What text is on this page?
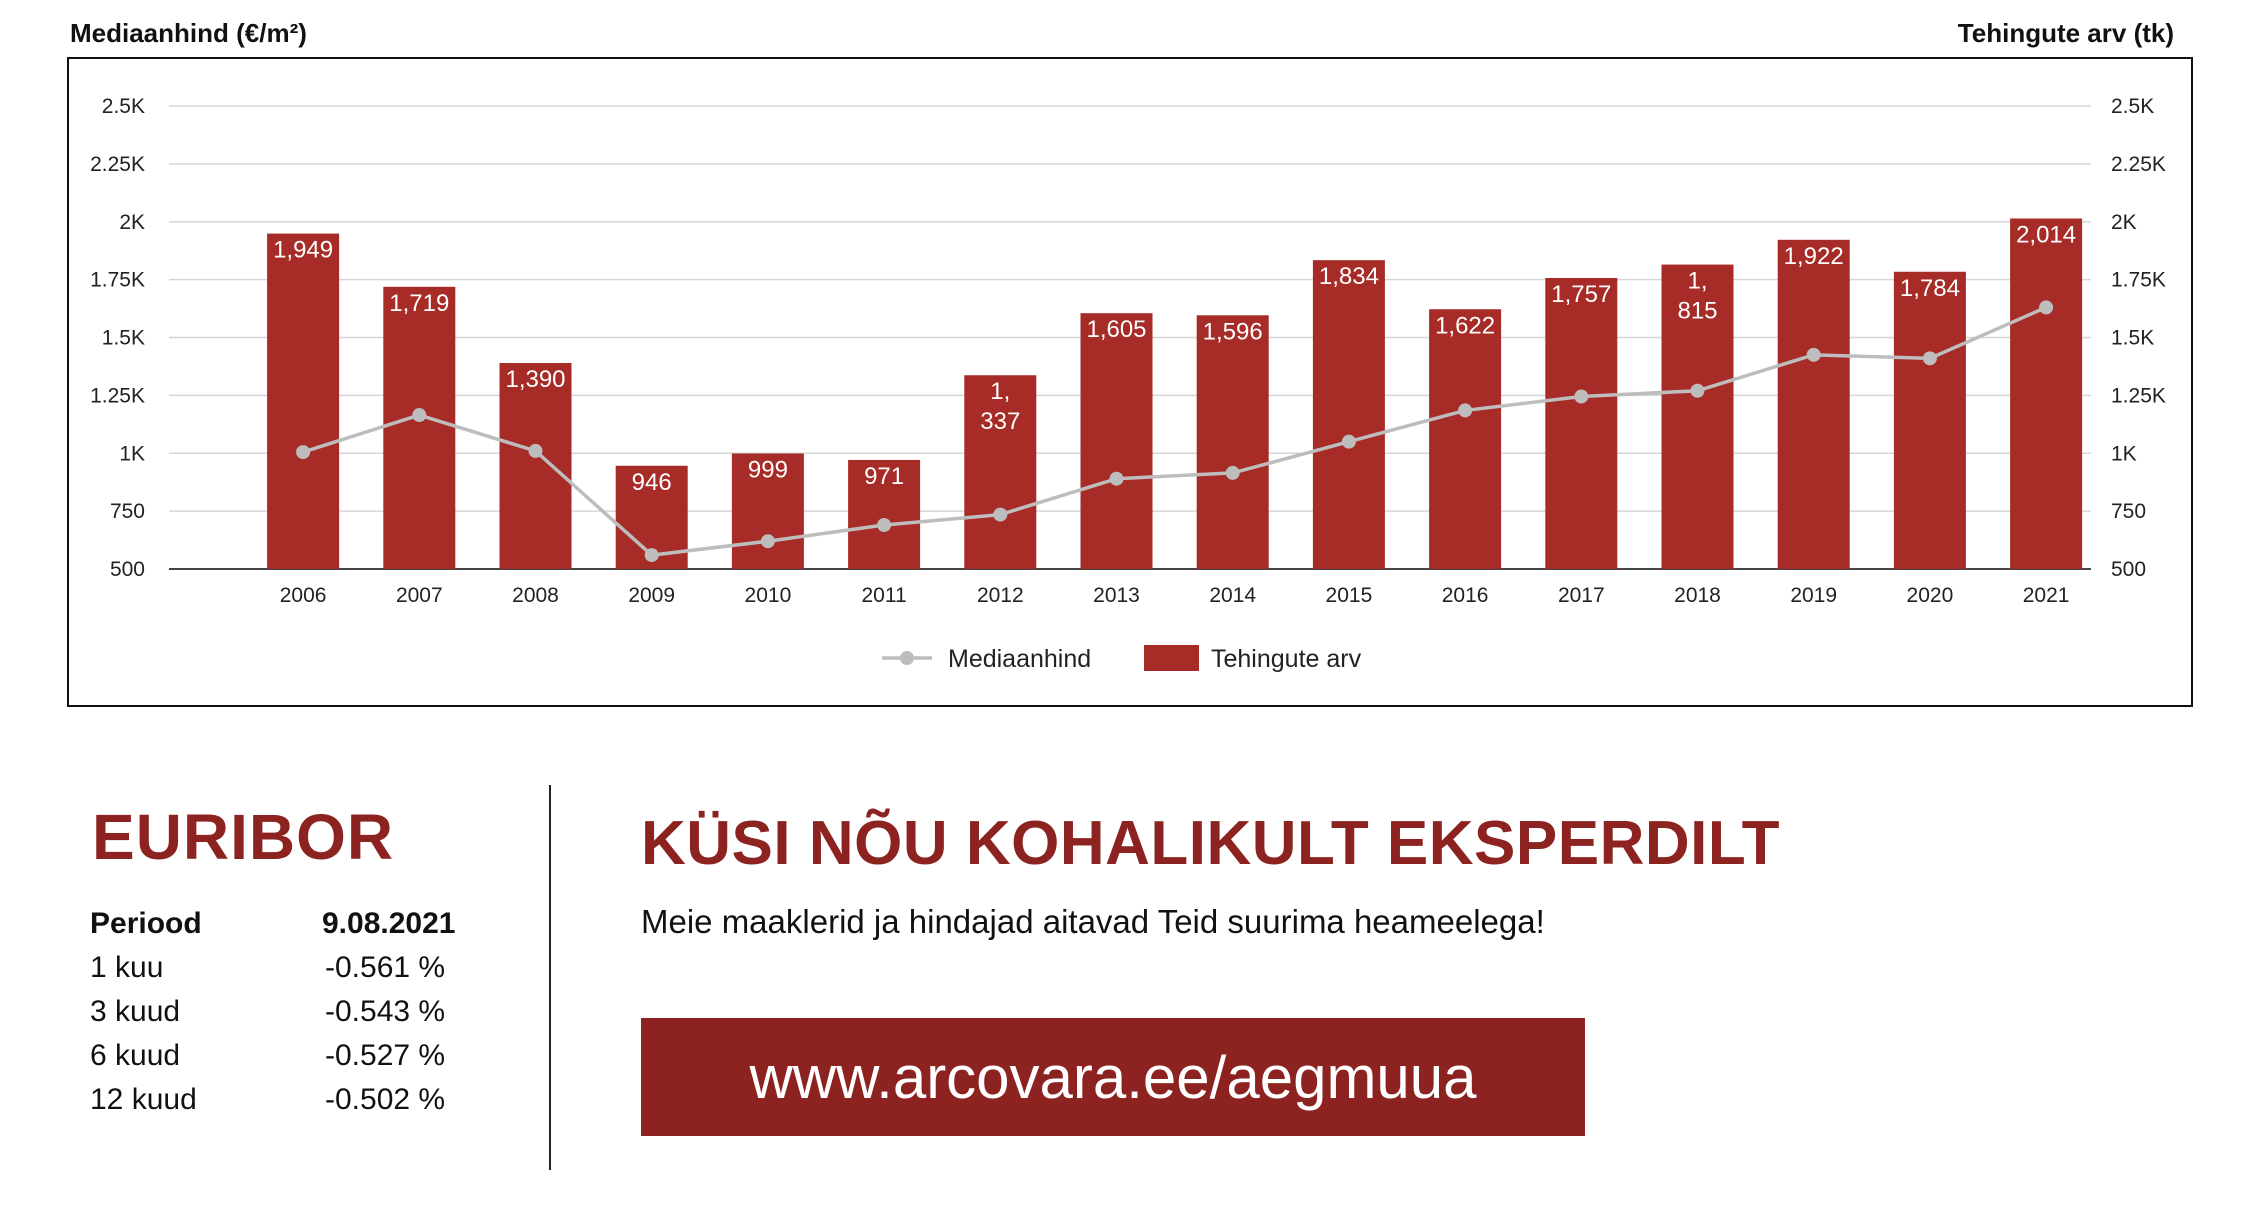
Mediaanhind (€/m²)	Tehingute arv (tk)
500	500
750	750
1K	1K
1.25K	1.25K
1.5K	1.5K
1.75K	1.75K
2K	2K
2.25K	2.25K
2.5K	2.5K
1,949
1,719
1,390
946	999	971
1,
337
1,605 1,596
1,834
1,622
1,757	1,
815
1,922
1,784
2,014
2006	2007	2008	2009	2010	2011	2012	2013	2014	2015	2016	2017	2018	2019	2020	2021
Mediaanhind	Tehingute arv
EURIBOR
Periood	9.08.2021
1 kuu	-0.561 %
3 kuud	-0.543 %
6 kuud	-0.527 %
12 kuud	-0.502 %
KÜSI NÕU KOHALIKULT EKSPERDILT
Meie maaklerid ja hindajad aitavad Teid suurima heameelega!
www.arcovara.ee/aegmuua
